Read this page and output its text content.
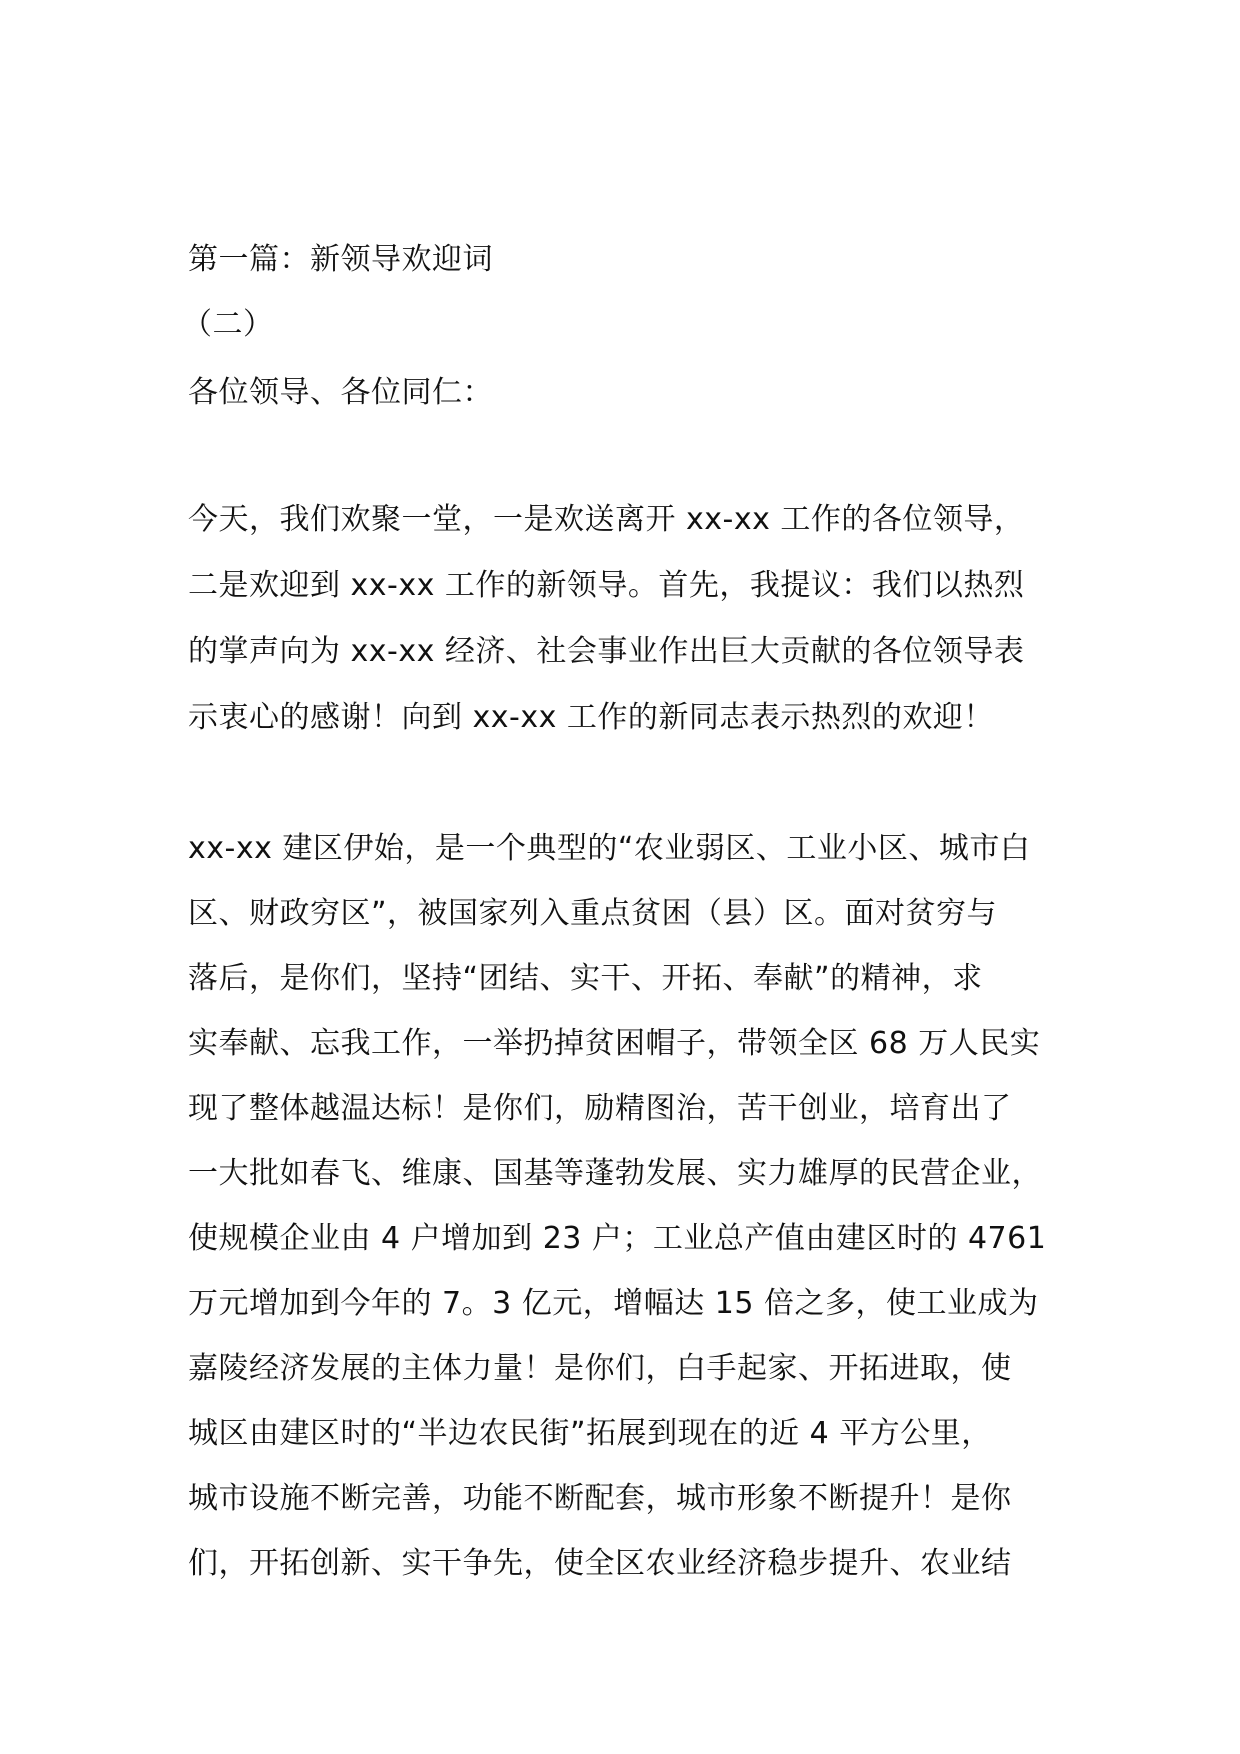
第一篇：新领导欢迎词
（二）
各位领导、各位同仁：
今天，我们欢聚一堂，一是欢送离开 xx-xx 工作的各位领导，
二是欢迎到 xx-xx 工作的新领导。首先，我提议：我们以热烈
的掌声向为 xx-xx 经济、社会事业作出巨大贡献的各位领导表
示衷心的感谢！向到 xx-xx 工作的新同志表示热烈的欢迎！
xx-xx 建区伊始，是一个典型的“农业弱区、工业小区、城市白
区、财政穷区”，被国家列入重点贫困（县）区。面对贫穷与
落后，是你们，坚持“团结、实干、开拓、奉献”的精神，求
实奉献、忘我工作，一举扔掉贫困帽子，带领全区 68 万人民实
现了整体越温达标！是你们，励精图治，苦干创业，培育出了
一大批如春飞、维康、国基等蓬勃发展、实力雄厚的民营企业，
使规模企业由 4 户增加到 23 户；工业总产值由建区时的 4761
万元增加到今年的 7。3 亿元，增幅达 15 倍之多，使工业成为
嘉陵经济发展的主体力量！是你们，白手起家、开拓进取，使
城区由建区时的“半边农民街”拓展到现在的近 4 平方公里，
城市设施不断完善，功能不断配套，城市形象不断提升！是你
们，开拓创新、实干争先，使全区农业经济稳步提升、农业结
